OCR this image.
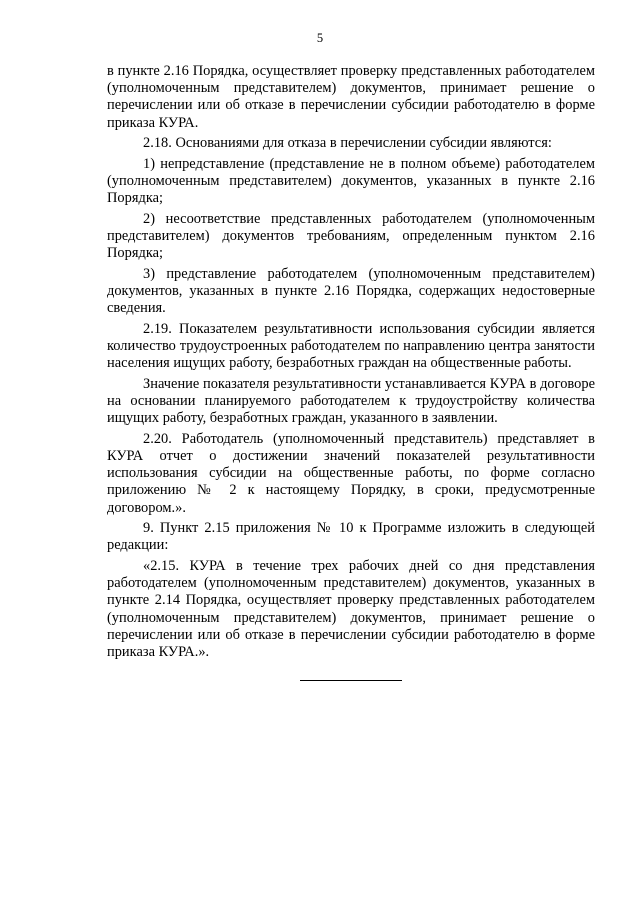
5

в пункте 2.16 Порядка, осуществляет проверку представленных работодателем (уполномоченным представителем) документов, принимает решение о перечислении или об отказе в перечислении субсидии работодателю в форме приказа КУРА.

2.18. Основаниями для отказа в перечислении субсидии являются:

1) непредставление (представление не в полном объеме) работодателем (уполномоченным представителем) документов, указанных в пункте 2.16 Порядка;

2) несоответствие представленных работодателем (уполномоченным представителем) документов требованиям, определенным пунктом 2.16 Порядка;

3) представление работодателем (уполномоченным представителем) документов, указанных в пункте 2.16 Порядка, содержащих недостоверные сведения.

2.19. Показателем результативности использования субсидии является количество трудоустроенных работодателем по направлению центра занятости населения ищущих работу, безработных граждан на общественные работы.

Значение показателя результативности устанавливается КУРА в договоре на основании планируемого работодателем к трудоустройству количества ищущих работу, безработных граждан, указанного в заявлении.

2.20. Работодатель (уполномоченный представитель) представляет в КУРА отчет о достижении значений показателей результативности использования субсидии на общественные работы, по форме согласно приложению № 2 к настоящему Порядку, в сроки, предусмотренные договором.».

9. Пункт 2.15 приложения № 10 к Программе изложить в следующей редакции:

«2.15. КУРА в течение трех рабочих дней со дня представления работодателем (уполномоченным представителем) документов, указанных в пункте 2.14 Порядка, осуществляет проверку представленных работодателем (уполномоченным представителем) документов, принимает решение о перечислении или об отказе в перечислении субсидии работодателю в форме приказа КУРА.».
